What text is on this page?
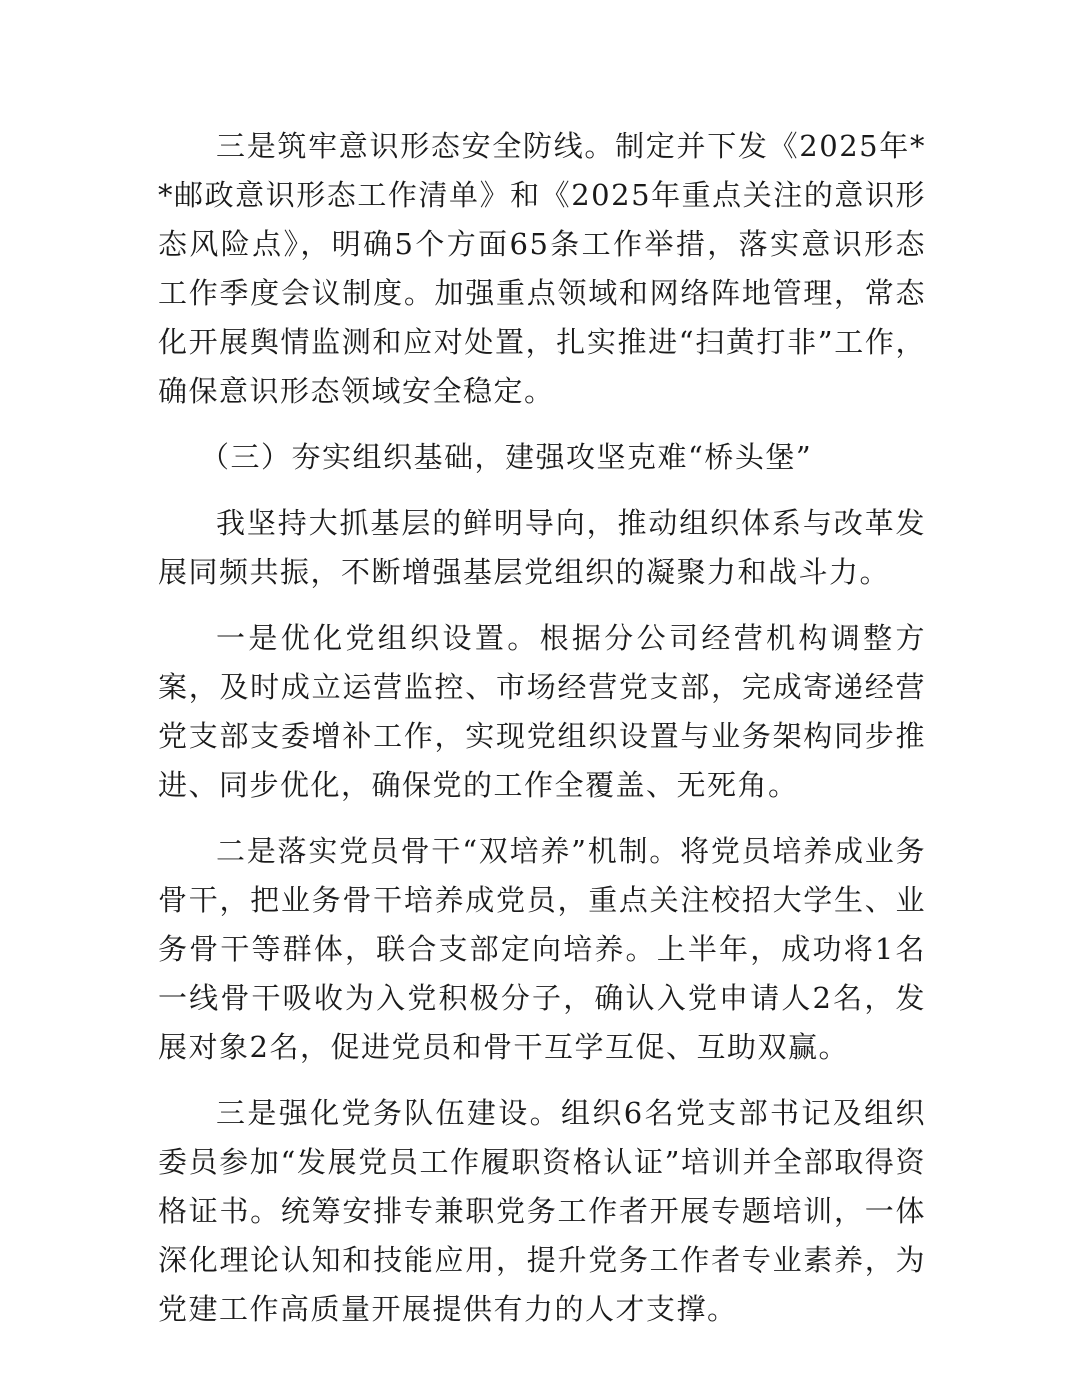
三是筑牢意识形态安全防线。制定并下发《2025年**邮政意识形态工作清单》和《2025年重点关注的意识形态风险点》，明确5个方面65条工作举措，落实意识形态工作季度会议制度。加强重点领域和网络阵地管理，常态化开展舆情监测和应对处置，扎实推进“扫黄打非”工作，确保意识形态领域安全稳定。

（三）夯实组织基础，建强攻坚克难“桥头堡”

我坚持大抓基层的鲜明导向，推动组织体系与改革发展同频共振，不断增强基层党组织的凝聚力和战斗力。

一是优化党组织设置。根据分公司经营机构调整方案，及时成立运营监控、市场经营党支部，完成寄递经营党支部支委增补工作，实现党组织设置与业务架构同步推进、同步优化，确保党的工作全覆盖、无死角。

二是落实党员骨干“双培养”机制。将党员培养成业务骨干，把业务骨干培养成党员，重点关注校招大学生、业务骨干等群体，联合支部定向培养。上半年，成功将1名一线骨干吸收为入党积极分子，确认入党申请人2名，发展对象2名，促进党员和骨干互学互促、互助双赢。

三是强化党务队伍建设。组织6名党支部书记及组织委员参加“发展党员工作履职资格认证”培训并全部取得资格证书。统筹安排专兼职党务工作者开展专题培训，一体深化理论认知和技能应用，提升党务工作者专业素养，为党建工作高质量开展提供有力的人才支撑。
